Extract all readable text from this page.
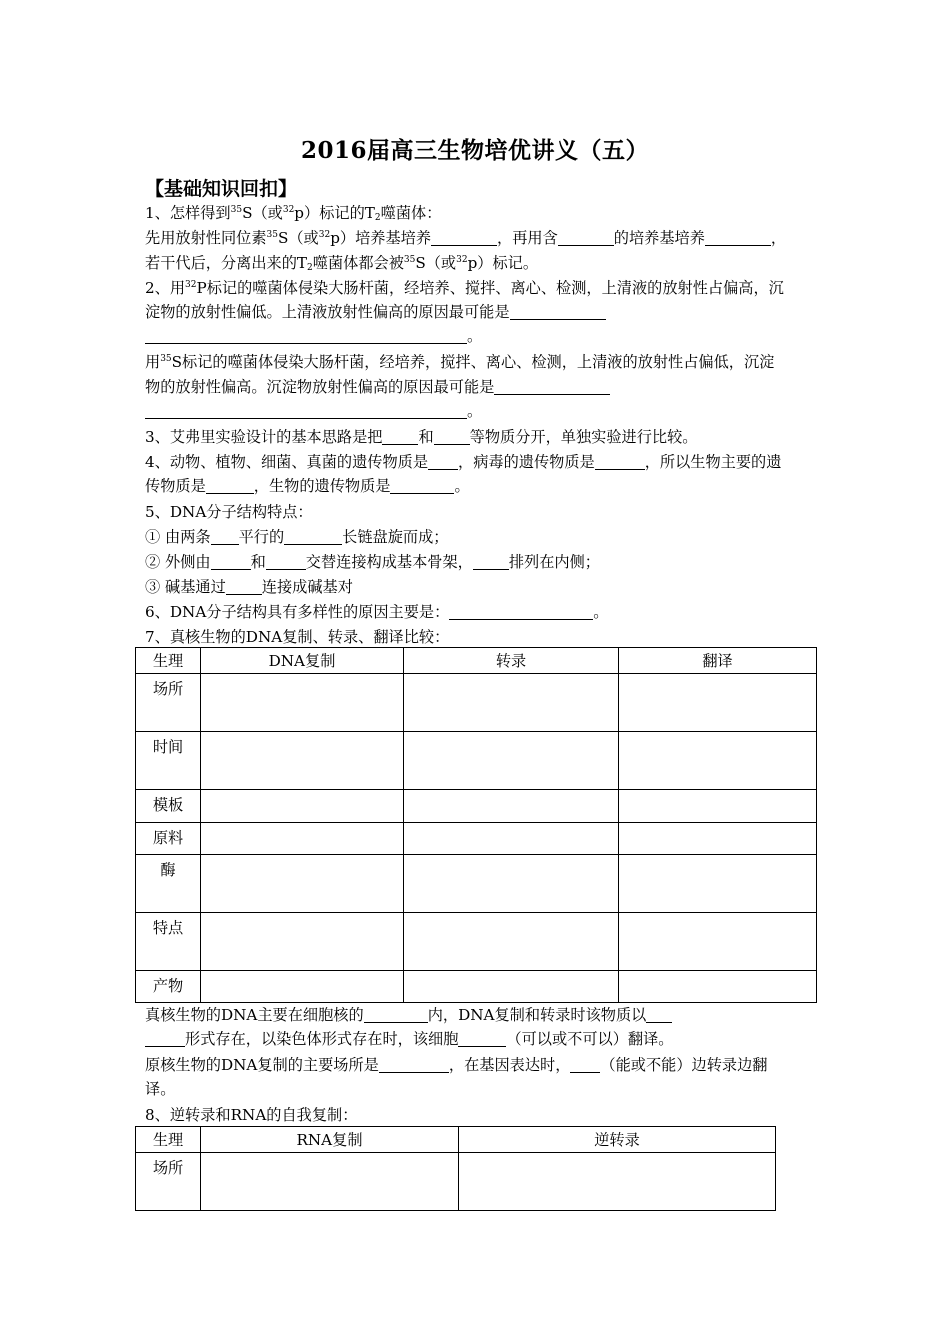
2016届高三生物培优讲义（五）
【基础知识回扣】
1、怎样得到$^{35}$S（或$^{32}$p）标记的$T_2$噬菌体：
先用放射性同位素$^{35}$S（或$^{32}$p）培养基培养	，再用含	的培养基培养	，
若干代后，分离出来的$T_2$噬菌体都会被$^{35}$S（或$^{32}$p）标记。
2、用$^{32}$P标记的噬菌体侵染大肠杆菌，经培养、搅拌、离心、检测，上清液的放射性占偏高，沉
淀物的放射性偏低。上清液放射性偏高的原因最可能是
。
用$^{35}$S标记的噬菌体侵染大肠杆菌，经培养，搅拌、离心、检测，上清液的放射性占偏低，沉淀
物的放射性偏高。沉淀物放射性偏高的原因最可能是
。
3、艾弗里实验设计的基本思路是把 和 等物质分开，单独实验进行比较。
4、动物、植物、细菌、真菌的遗传物质是 ，病毒的遗传物质是	，所以生物主要的遗
传物质是	，生物的遗传物质是	。
5、DNA分子结构特点：
① 由两条 平行的	长链盘旋而成；
② 外侧由	和	交替连接构成基本骨架， 排列在内侧；
③ 碱基通过 连接成碱基对
6、DNA分子结构具有多样性的原因主要是：	。
7、真核生物的DNA复制、转录、翻译比较：
生理	DNA复制	转录	翻译
场所			
时间			
模板			
原料			
酶			
特点			
产物			
真核生物的DNA主要在细胞核的	内，DNA复制和转录时该物质以
形式存在，以染色体形式存在时，该细胞	（可以或不可以）翻译。
原核生物的DNA复制的主要场所是	，在基因表达时， （能或不能）边转录边翻
译。
8、逆转录和RNA的自我复制：
生理	RNA复制	逆转录
场所		
